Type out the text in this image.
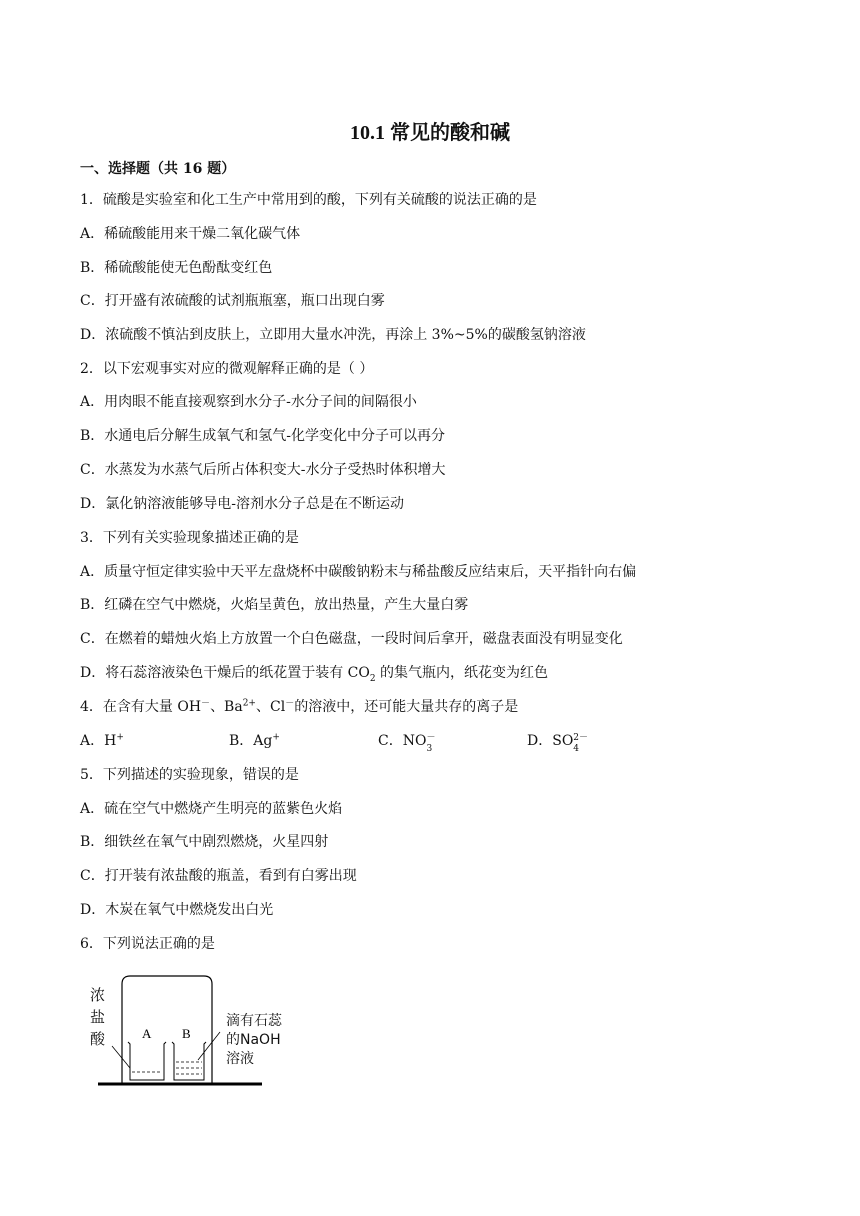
10.1 常见的酸和碱
一、选择题（共 16 题）
1．硫酸是实验室和化工生产中常用到的酸，下列有关硫酸的说法正确的是
A．稀硫酸能用来干燥二氧化碳气体
B．稀硫酸能使无色酚酞变红色
C．打开盛有浓硫酸的试剂瓶瓶塞，瓶口出现白雾
D．浓硫酸不慎沾到皮肤上，立即用大量水冲洗，再涂上 3%~5%的碳酸氢钠溶液
2．以下宏观事实对应的微观解释正确的是（ ）
A．用肉眼不能直接观察到水分子-水分子间的间隔很小
B．水通电后分解生成氧气和氢气-化学变化中分子可以再分
C．水蒸发为水蒸气后所占体积变大-水分子受热时体积增大
D．氯化钠溶液能够导电-溶剂水分子总是在不断运动
3．下列有关实验现象描述正确的是
A．质量守恒定律实验中天平左盘烧杯中碳酸钠粉末与稀盐酸反应结束后，天平指针向右偏
B．红磷在空气中燃烧，火焰呈黄色，放出热量，产生大量白雾
C．在燃着的蜡烛火焰上方放置一个白色磁盘，一段时间后拿开，磁盘表面没有明显变化
D．将石蕊溶液染色干燥后的纸花置于装有 $CO_2$ 的集气瓶内，纸花变为红色
4．在含有大量 OH－、$Ba^{2+}$、Cl－的溶液中，还可能大量共存的离子是
A．H+	B．Ag+	C．NO －
3	D．SO 2－
4
5．下列描述的实验现象，错误的是
A．硫在空气中燃烧产生明亮的蓝紫色火焰
B．细铁丝在氧气中剧烈燃烧，火星四射
C．打开装有浓盐酸的瓶盖，看到有白雾出现
D．木炭在氧气中燃烧发出白光
6．下列说法正确的是
A B
浓盐酸
滴有石蕊
的NaOH
溶液
